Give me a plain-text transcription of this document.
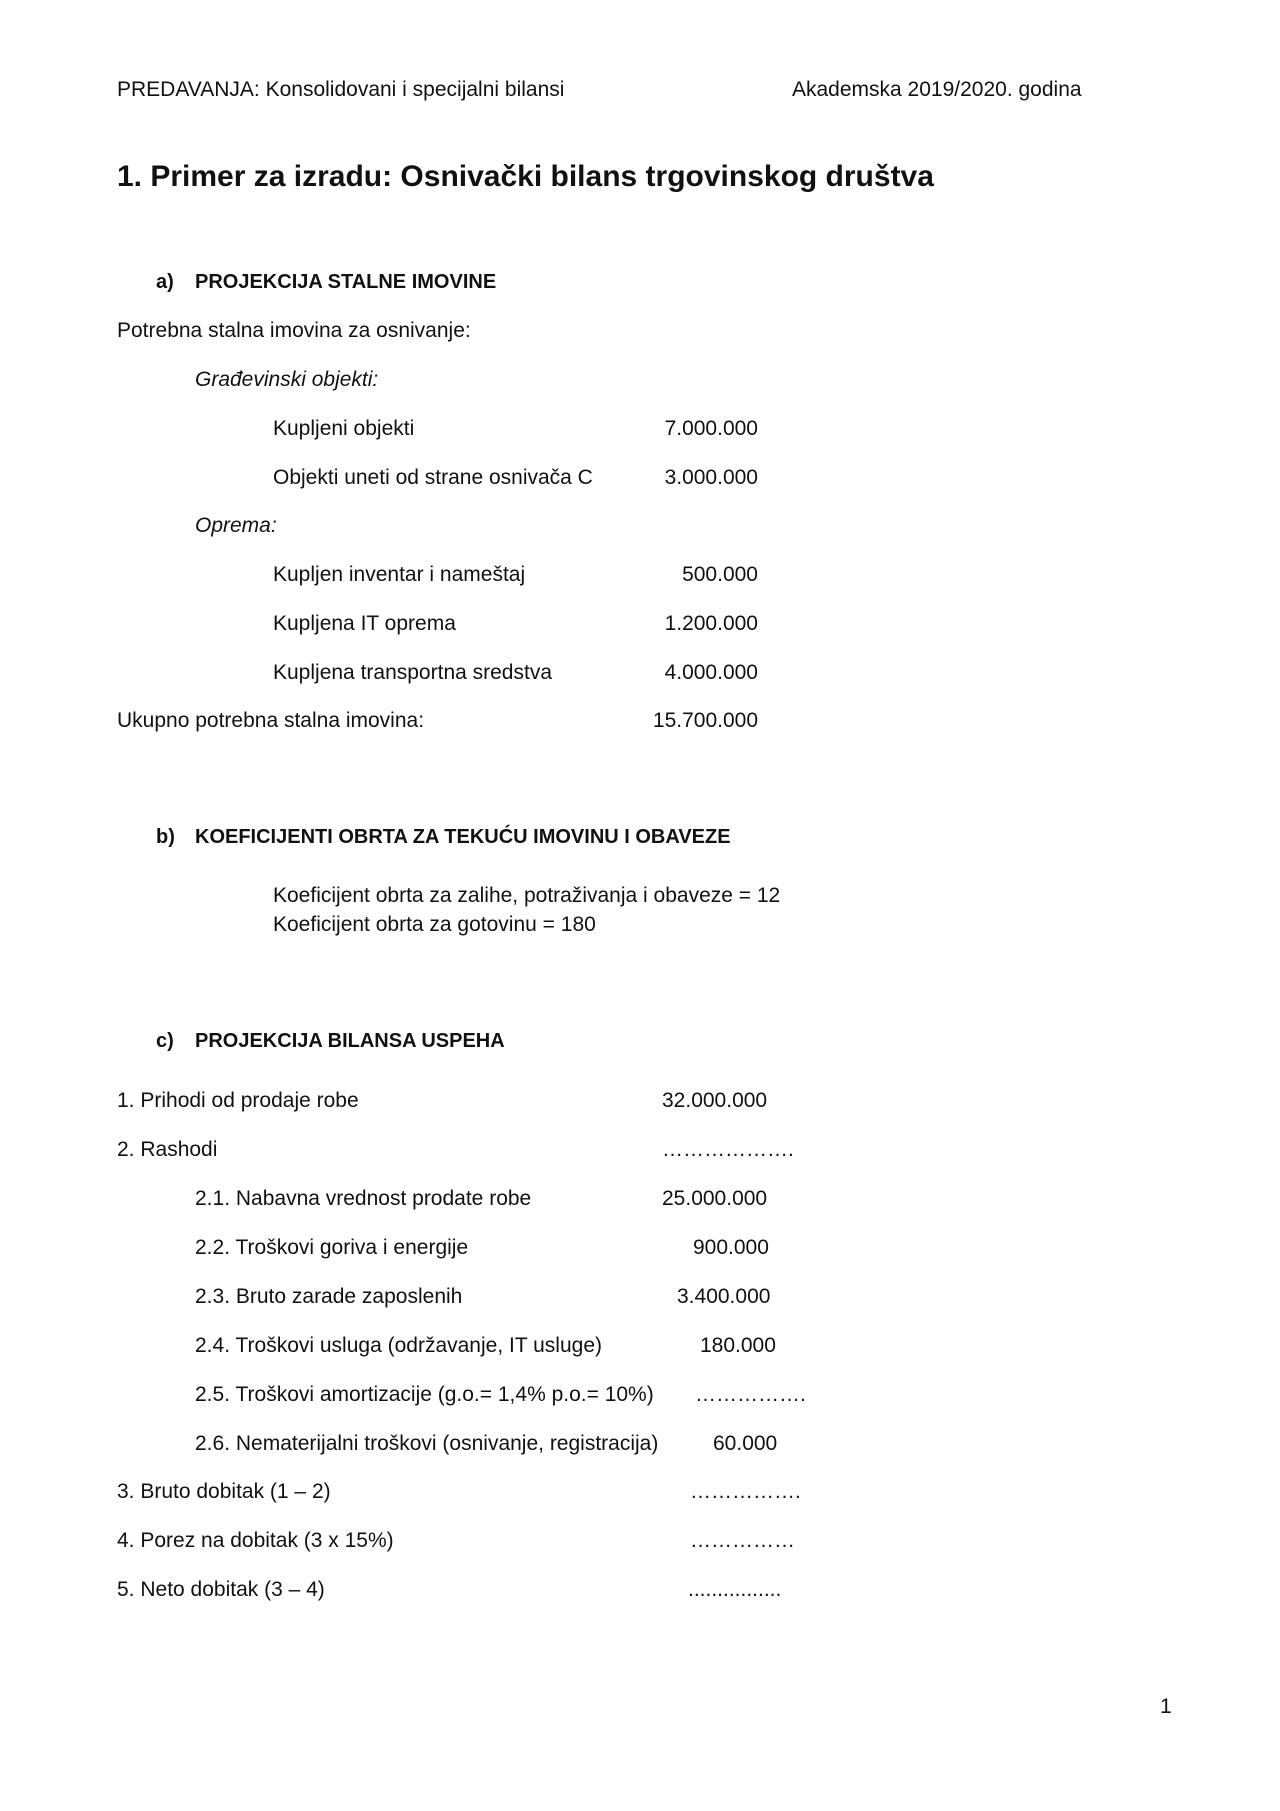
PREDAVANJA: Konsolidovani i specijalni bilansi	Akademska 2019/2020. godina
1. Primer za izradu: Osnivački bilans trgovinskog društva
a) PROJEKCIJA STALNE IMOVINE
Potrebna stalna imovina za osnivanje:
Građevinski objekti:
Kupljeni objekti	7.000.000
Objekti uneti od strane osnivača C	3.000.000
Oprema:
Kupljen inventar i nameštaj	500.000
Kupljena IT oprema	1.200.000
Kupljena transportna sredstva	4.000.000
Ukupno potrebna stalna imovina:	15.700.000
b) KOEFICIJENTI OBRTA ZA TEKUĆU IMOVINU I OBAVEZE
Koeficijent obrta za zalihe, potraživanja i obaveze = 12
Koeficijent obrta za gotovinu = 180
c) PROJEKCIJA BILANSA USPEHA
1. Prihodi od prodaje robe	32.000.000
2. Rashodi	……………….
2.1. Nabavna vrednost prodate robe	25.000.000
2.2. Troškovi goriva i energije	900.000
2.3. Bruto zarade zaposlenih	3.400.000
2.4. Troškovi usluga (održavanje, IT usluge)	180.000
2.5. Troškovi amortizacije (g.o.= 1,4% p.o.= 10%) …………….
2.6. Nematerijalni troškovi (osnivanje, registracija)	60.000
3. Bruto dobitak (1 – 2)	…………….
4. Porez na dobitak (3 x 15%)	……………
5. Neto dobitak (3 – 4)	................
1
